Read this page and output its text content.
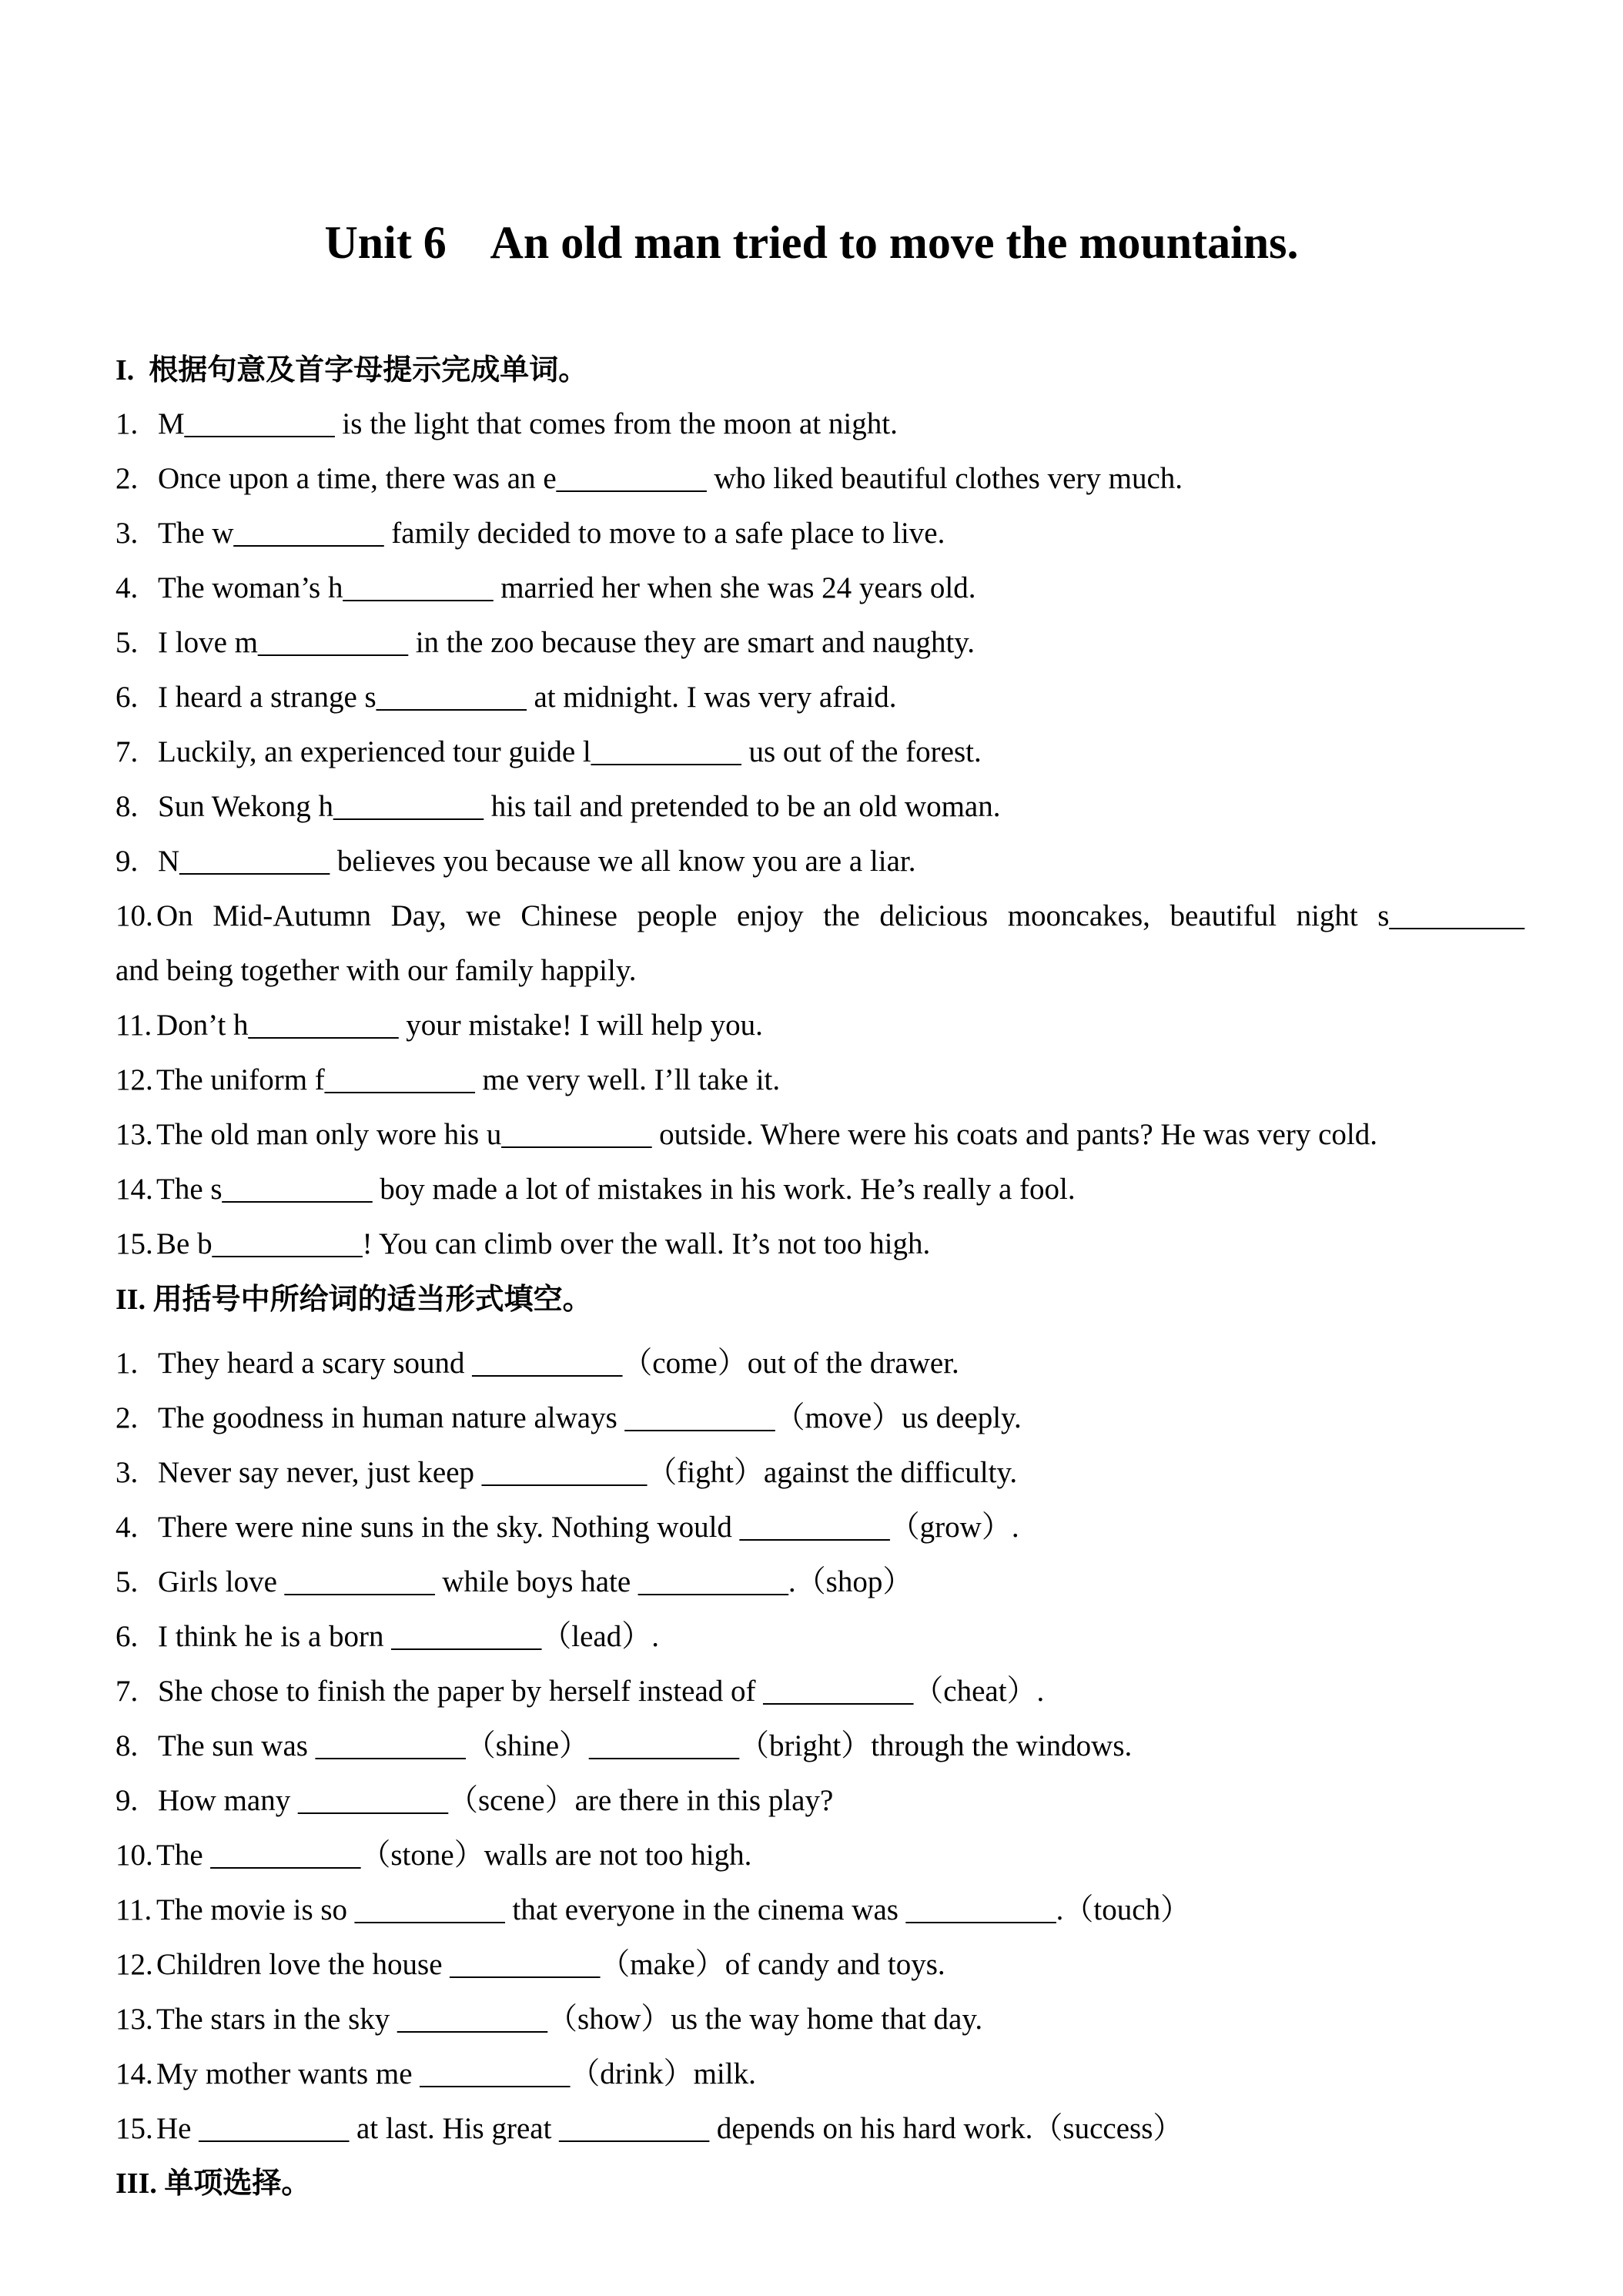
Unit 6    An old man tried to move the mountains.
I.  根据句意及首字母提示完成单词。
1. M__________ is the light that comes from the moon at night.
2. Once upon a time, there was an e__________ who liked beautiful clothes very much.
3. The w__________ family decided to move to a safe place to live.
4. The woman’s h__________ married her when she was 24 years old.
5. I love m__________ in the zoo because they are smart and naughty.
6. I heard a strange s__________ at midnight. I was very afraid.
7. Luckily, an experienced tour guide l__________ us out of the forest.
8. Sun Wekong h__________ his tail and pretended to be an old woman.
9. N__________ believes you because we all know you are a liar.
10. On Mid-Autumn Day, we Chinese people enjoy the delicious mooncakes, beautiful night s_________
and being together with our family happily.
11. Don’t h__________ your mistake! I will help you.
12. The uniform f__________ me very well. I’ll take it.
13. The old man only wore his u__________ outside. Where were his coats and pants? He was very cold.
14. The s__________ boy made a lot of mistakes in his work. He’s really a fool.
15. Be b__________! You can climb over the wall. It’s not too high.
II. 用括号中所给词的适当形式填空。
1. They heard a scary sound __________（come）out of the drawer.
2. The goodness in human nature always __________（move）us deeply.
3. Never say never, just keep ___________（fight）against the difficulty.
4. There were nine suns in the sky. Nothing would __________（grow）.
5. Girls love __________ while boys hate __________.（shop）
6. I think he is a born __________（lead）.
7. She chose to finish the paper by herself instead of __________（cheat）.
8. The sun was __________（shine）__________（bright）through the windows.
9. How many __________（scene）are there in this play?
10. The __________（stone）walls are not too high.
11. The movie is so __________ that everyone in the cinema was __________.（touch）
12. Children love the house __________（make）of candy and toys.
13. The stars in the sky __________（show）us the way home that day.
14. My mother wants me __________（drink）milk.
15. He __________ at last. His great __________ depends on his hard work.（success）
III. 单项选择。
